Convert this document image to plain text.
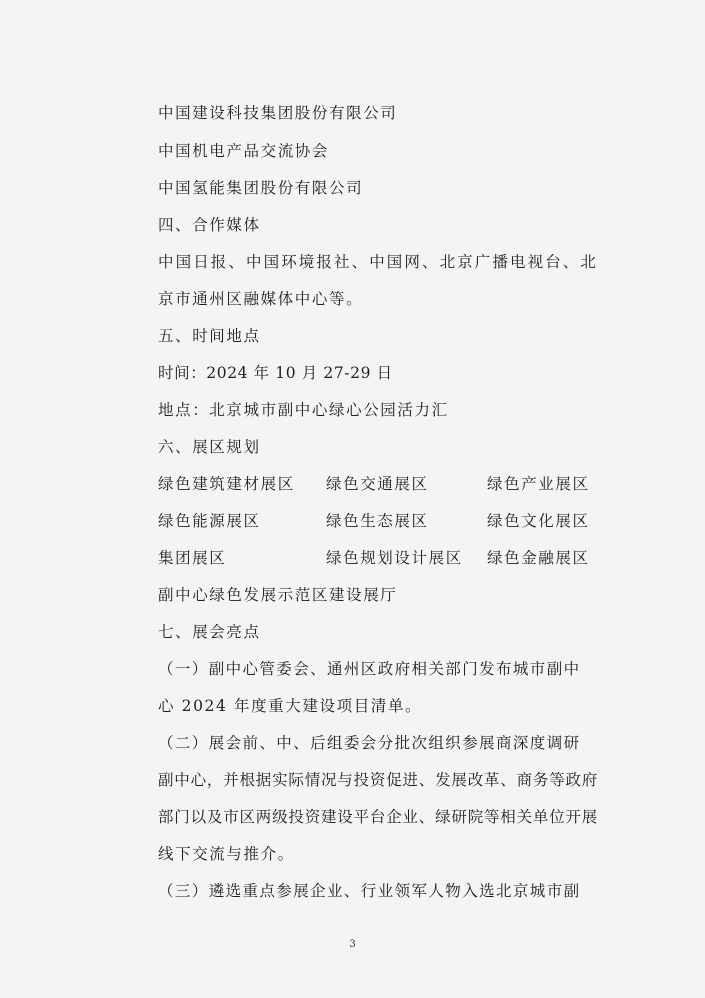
中国建设科技集团股份有限公司
中国机电产品交流协会
中国氢能集团股份有限公司
四、合作媒体
中国日报、中国环境报社、中国网、北京广播电视台、北
京市通州区融媒体中心等。
五、时间地点
时间：2024 年 10 月 27-29 日
地点：北京城市副中心绿心公园活力汇
六、展区规划
绿色建筑建材展区 绿色交通展区	绿色产业展区
绿色能源展区	绿色生态展区	绿色文化展区
集团展区	绿色规划设计展区 绿色金融展区
副中心绿色发展示范区建设展厅
七、展会亮点
（一）副中心管委会、通州区政府相关部门发布城市副中
心 2024 年度重大建设项目清单。
（二）展会前、中、后组委会分批次组织参展商深度调研
副中心，并根据实际情况与投资促进、发展改革、商务等政府
部门以及市区两级投资建设平台企业、绿研院等相关单位开展
线下交流与推介。
（三）遴选重点参展企业、行业领军人物入选北京城市副
3
